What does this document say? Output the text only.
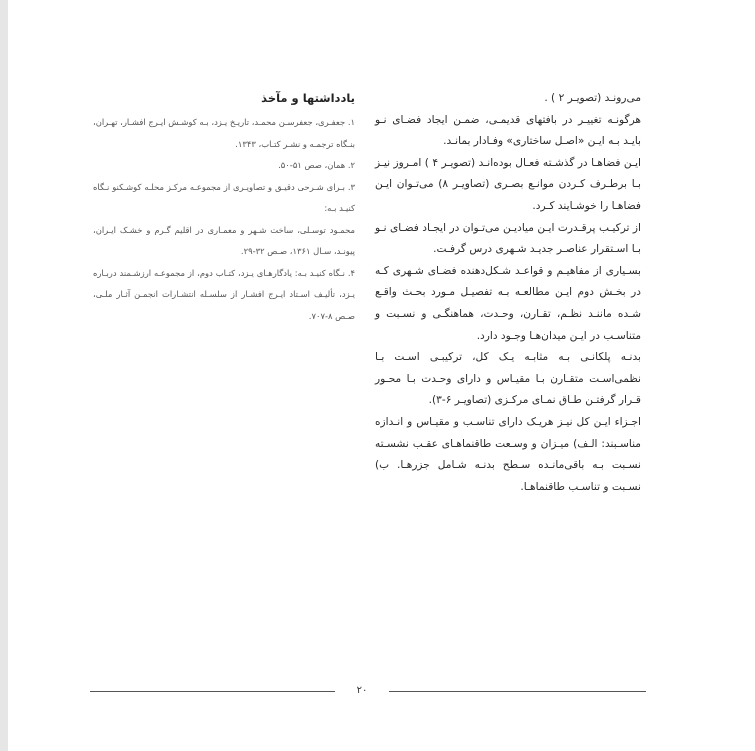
می‌رونـد (تصویـر ۲ ) .

هرگونـه تغییـر در بافتهای قدیمـی، ضمـن ایجاد فضـای نـو بایـد بـه ایـن «اصـل ساختاری» وفـادار بمانـد.

ایـن فضاهـا در گذشـته فعـال بوده‌انـد (تصویـر ۴ ) امـروز نیـز بـا برطـرف کـردن موانـع بصـری (تصاویـر ۸) می‌تـوان ایـن فضاهـا را خوشـایند کـرد.

از ترکیـب پرقـدرت ایـن میادیـن می‌تـوان در ایجـاد فضـای نـو بـا اسـتقرار عناصـر جدیـد شـهری درس گرفـت.

بسـیاری از مفاهیـم و قواعـد شـکل‌دهنده فضـای شـهری کـه در بخـش دوم ایـن مطالعـه بـه تفصیـل مـورد بحـث واقـع شـده ماننـد نظـم، تقـارن، وحـدت، هماهنگـی و نسـبت و متناسـب در ایـن میدان‌هـا وجـود دارد.

بدنـه پلکانـی بـه مثابـه یـک کل، ترکیبـی اسـت بـا نظمی‌اسـت متقـارن بـا مقیـاس و دارای وحـدت بـا محـور قـرار گرفتـن طـاق نمـای مرکـزی (تصاویـر ۶-۳).

اجـزاء ایـن کل نیـز هریـک دارای تناسـب و مقیـاس و انـدازه مناسـبند: الـف) میـزان و وسـعت طاقنماهـای عقـب نشسـته نسـبت بـه باقی‌مانـده سـطح بدنـه شـامل جزرهـا. ب) نسـبت و تناسـب طاقنماهـا.

یادداشتها و مآخذ
۱. جعفـری، جعفرسـن محمـد، تاریـخ یـزد، بـه کوشـش ایـرج افشـار، تهـران، بنـگاه ترجمـه و نشـر کتـاب، ۱۳۴۳.
۲. همان، صص ۵۱-۵۰.
۳. بـرای شـرحی دقیـق و تصاویـری از مجموعـه مرکـز محلـه کوشـکنو نـگاه کنیـد بـه:
محمـود توسـلی، ساخت شـهر و معمـاری در اقلیم گـرم و خشـک ایـران، پیونـد، سـال ۱۳۶۱، صـص ۳۲-۲۹.
۴. نـگاه کنیـد بـه: یادگارهـای یـزد، کتـاب دوم، از مجموعـه ارزشـمند دربـاره یـزد، تألیـف اسـتاد ایـرج افشـار از سلسـله انتشـارات انجمـن آثـار ملـی، صـص ۸-۷۰۷.
۲۰
